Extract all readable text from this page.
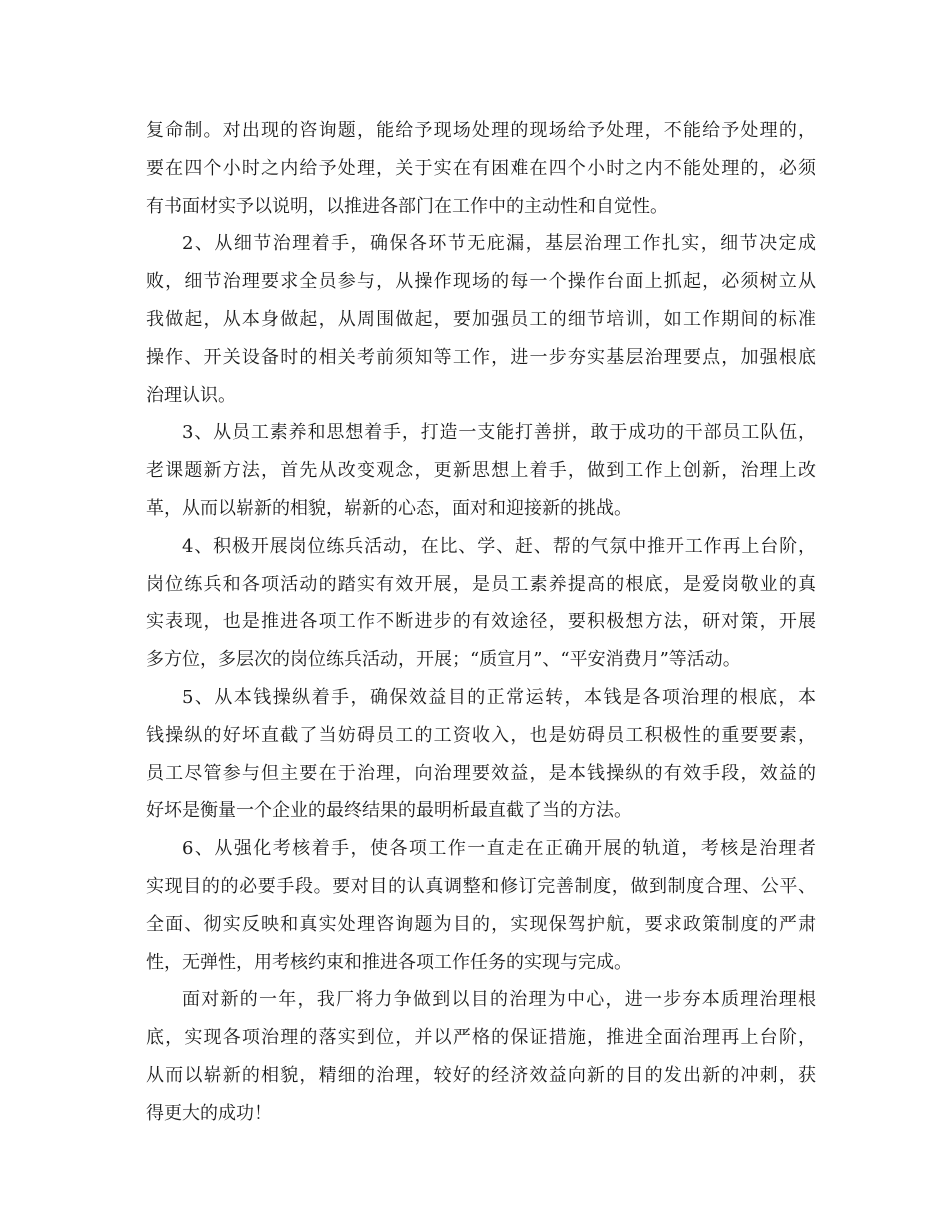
复命制。对出现的咨询题，能给予现场处理的现场给予处理，不能给予处理的，
要在四个小时之内给予处理，关于实在有困难在四个小时之内不能处理的，必须
有书面材实予以说明，以推进各部门在工作中的主动性和自觉性。
2、从细节治理着手，确保各环节无庇漏，基层治理工作扎实，细节决定成
败，细节治理要求全员参与，从操作现场的每一个操作台面上抓起，必须树立从
我做起，从本身做起，从周围做起，要加强员工的细节培训，如工作期间的标准
操作、开关设备时的相关考前须知等工作，进一步夯实基层治理要点，加强根底
治理认识。
3、从员工素养和思想着手，打造一支能打善拼，敢于成功的干部员工队伍，
老课题新方法，首先从改变观念，更新思想上着手，做到工作上创新，治理上改
革，从而以崭新的相貌，崭新的心态，面对和迎接新的挑战。
4、积极开展岗位练兵活动，在比、学、赶、帮的气氛中推开工作再上台阶，
岗位练兵和各项活动的踏实有效开展，是员工素养提高的根底，是爱岗敬业的真
实表现，也是推进各项工作不断进步的有效途径，要积极想方法，研对策，开展
多方位，多层次的岗位练兵活动，开展；“质宣月”、“平安消费月”等活动。
5、从本钱操纵着手，确保效益目的正常运转，本钱是各项治理的根底，本
钱操纵的好坏直截了当妨碍员工的工资收入，也是妨碍员工积极性的重要要素，
员工尽管参与但主要在于治理，向治理要效益，是本钱操纵的有效手段，效益的
好坏是衡量一个企业的最终结果的最明析最直截了当的方法。
6、从强化考核着手，使各项工作一直走在正确开展的轨道，考核是治理者
实现目的的必要手段。要对目的认真调整和修订完善制度，做到制度合理、公平、
全面、彻实反映和真实处理咨询题为目的，实现保驾护航，要求政策制度的严肃
性，无弹性，用考核约束和推进各项工作任务的实现与完成。
面对新的一年，我厂将力争做到以目的治理为中心，进一步夯本质理治理根
底，实现各项治理的落实到位，并以严格的保证措施，推进全面治理再上台阶，
从而以崭新的相貌，精细的治理，较好的经济效益向新的目的发出新的冲刺，获
得更大的成功！
